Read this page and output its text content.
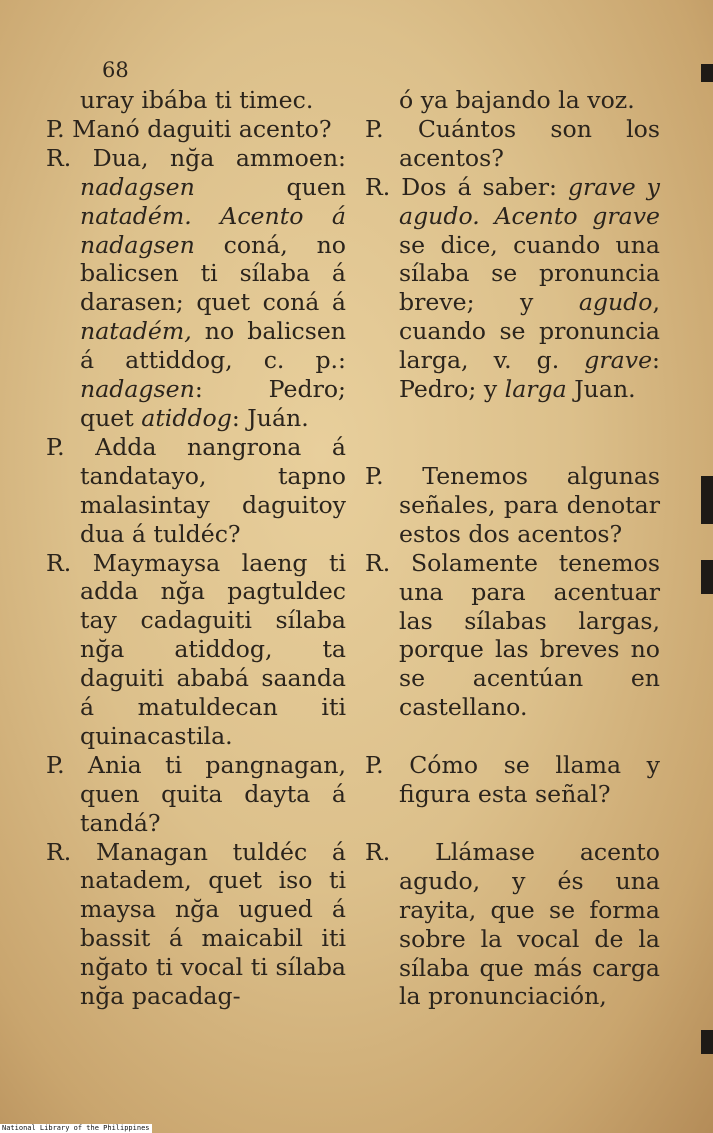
68

uray ibába ti timec.

P. Manó daguiti acento?

R. Dua, nğa ammoen: nadagsen quen natadém. Acento á nadagsen coná, no balicsen ti sílaba á darasen; quet coná á natadém, no balicsen á attiddog, c. p.: nadagsen: Pedro; quet atiddog: Juán.

P. Adda nangrona á tandatayo, tapno malasintay daguitoy dua á tuldéc?

R. Maymaysa laeng ti adda nğa pagtuldec tay cadaguiti sílaba nğa atiddog, ta daguiti ababá saanda á matuldecan iti quinacastila.

P. Ania ti pangnagan, quen quita dayta á tandá?

R. Managan tuldéc á natadem, quet iso ti maysa nğa ugued á bassit á maicabil iti nğato ti vocal ti sílaba nğa pacadag-

ó ya bajando la voz.

P. Cuántos son los acentos?

R. Dos á saber: grave y agudo. Acento grave se dice, cuando una sílaba se pronuncia breve; y agudo, cuando se pronuncia larga, v. g. grave: Pedro; y larga Juan.

P. Tenemos algunas señales, para denotar estos dos acentos?

R. Solamente tenemos una para acentuar las sílabas largas, porque las breves no se acentúan en castellano.

P. Cómo se llama y figura esta señal?

R. Llámase acento agudo, y és una rayita, que se forma sobre la vocal de la sílaba que más carga la pronunciación,

National Library of the Philippines
